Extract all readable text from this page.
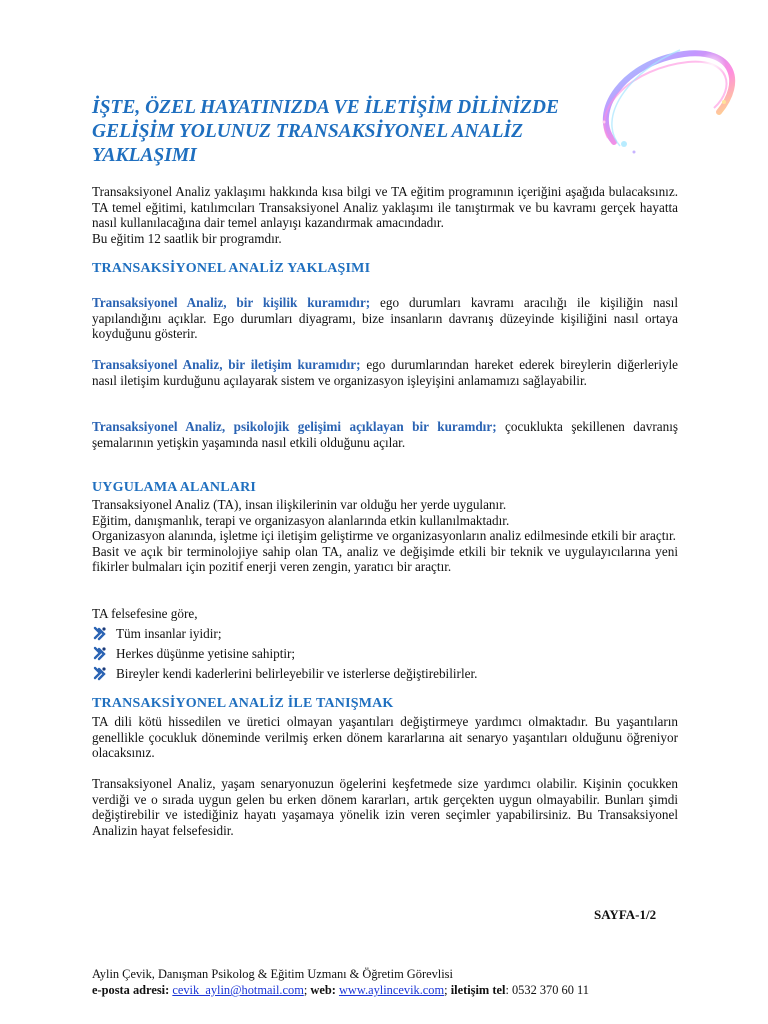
İŞTE, ÖZEL HAYATINIZDA VE İLETİŞİM DİLİNİZDE GELİŞİM YOLUNUZ TRANSAKSİYONEL ANALİZ YAKLAŞIMI

Transaksiyonel Analiz yaklaşımı hakkında kısa bilgi ve TA eğitim programının içeriğini aşağıda bulacaksınız. TA temel eğitimi, katılımcıları Transaksiyonel Analiz yaklaşımı ile tanıştırmak ve bu kavramı gerçek hayatta nasıl kullanılacağına dair temel anlayışı kazandırmak amacındadır.

Bu eğitim 12 saatlik bir programdır.

TRANSAKSİYONEL ANALİZ YAKLAŞIMI

Transaksiyonel Analiz, bir kişilik kuramıdır; ego durumları kavramı aracılığı ile kişiliğin nasıl yapılandığını açıklar. Ego durumları diyagramı, bize insanların davranış düzeyinde kişiliğini nasıl ortaya koyduğunu gösterir.

Transaksiyonel Analiz, bir iletişim kuramıdır; ego durumlarından hareket ederek bireylerin diğerleriyle nasıl iletişim kurduğunu açılayarak sistem ve organizasyon işleyişini anlamamızı sağlayabilir.

Transaksiyonel Analiz, psikolojik gelişimi açıklayan bir kuramdır; çocuklukta şekillenen davranış şemalarının yetişkin yaşamında nasıl etkili olduğunu açılar.

UYGULAMA ALANLARI

Transaksiyonel Analiz (TA), insan ilişkilerinin var olduğu her yerde uygulanır.

Eğitim, danışmanlık, terapi ve organizasyon alanlarında etkin kullanılmaktadır.

Organizasyon alanında, işletme içi iletişim geliştirme ve organizasyonların analiz edilmesinde etkili bir araçtır.

Basit ve açık bir terminolojiye sahip olan TA, analiz ve değişimde etkili bir teknik ve uygulayıcılarına yeni fikirler bulmaları için pozitif enerji veren zengin, yaratıcı bir araçtır.

TA felsefesine göre,
Tüm insanlar iyidir;
Herkes düşünme yetisine sahiptir;
Bireyler kendi kaderlerini belirleyebilir ve isterlerse değiştirebilirler.
TRANSAKSİYONEL ANALİZ İLE TANIŞMAK
TA dili kötü hissedilen ve üretici olmayan yaşantıları değiştirmeye yardımcı olmaktadır. Bu yaşantıların genellikle çocukluk döneminde verilmiş erken dönem kararlarına ait senaryo yaşantıları olduğunu öğreniyor olacaksınız.
Transaksiyonel Analiz, yaşam senaryonuzun ögelerini keşfetmede size yardımcı olabilir. Kişinin çocukken verdiği ve o sırada uygun gelen bu erken dönem kararları, artık gerçekten uygun olmayabilir. Bunları şimdi değiştirebilir ve istediğiniz hayatı yaşamaya yönelik izin veren seçimler yapabilirsiniz. Bu Transaksiyonel Analizin hayat felsefesidir.
SAYFA-1/2
Aylin Çevik, Danışman Psikolog & Eğitim Uzmanı & Öğretim Görevlisi
e-posta adresi: cevik_aylin@hotmail.com; web: www.aylincevik.com; iletişim tel: 0532 370 60 11
